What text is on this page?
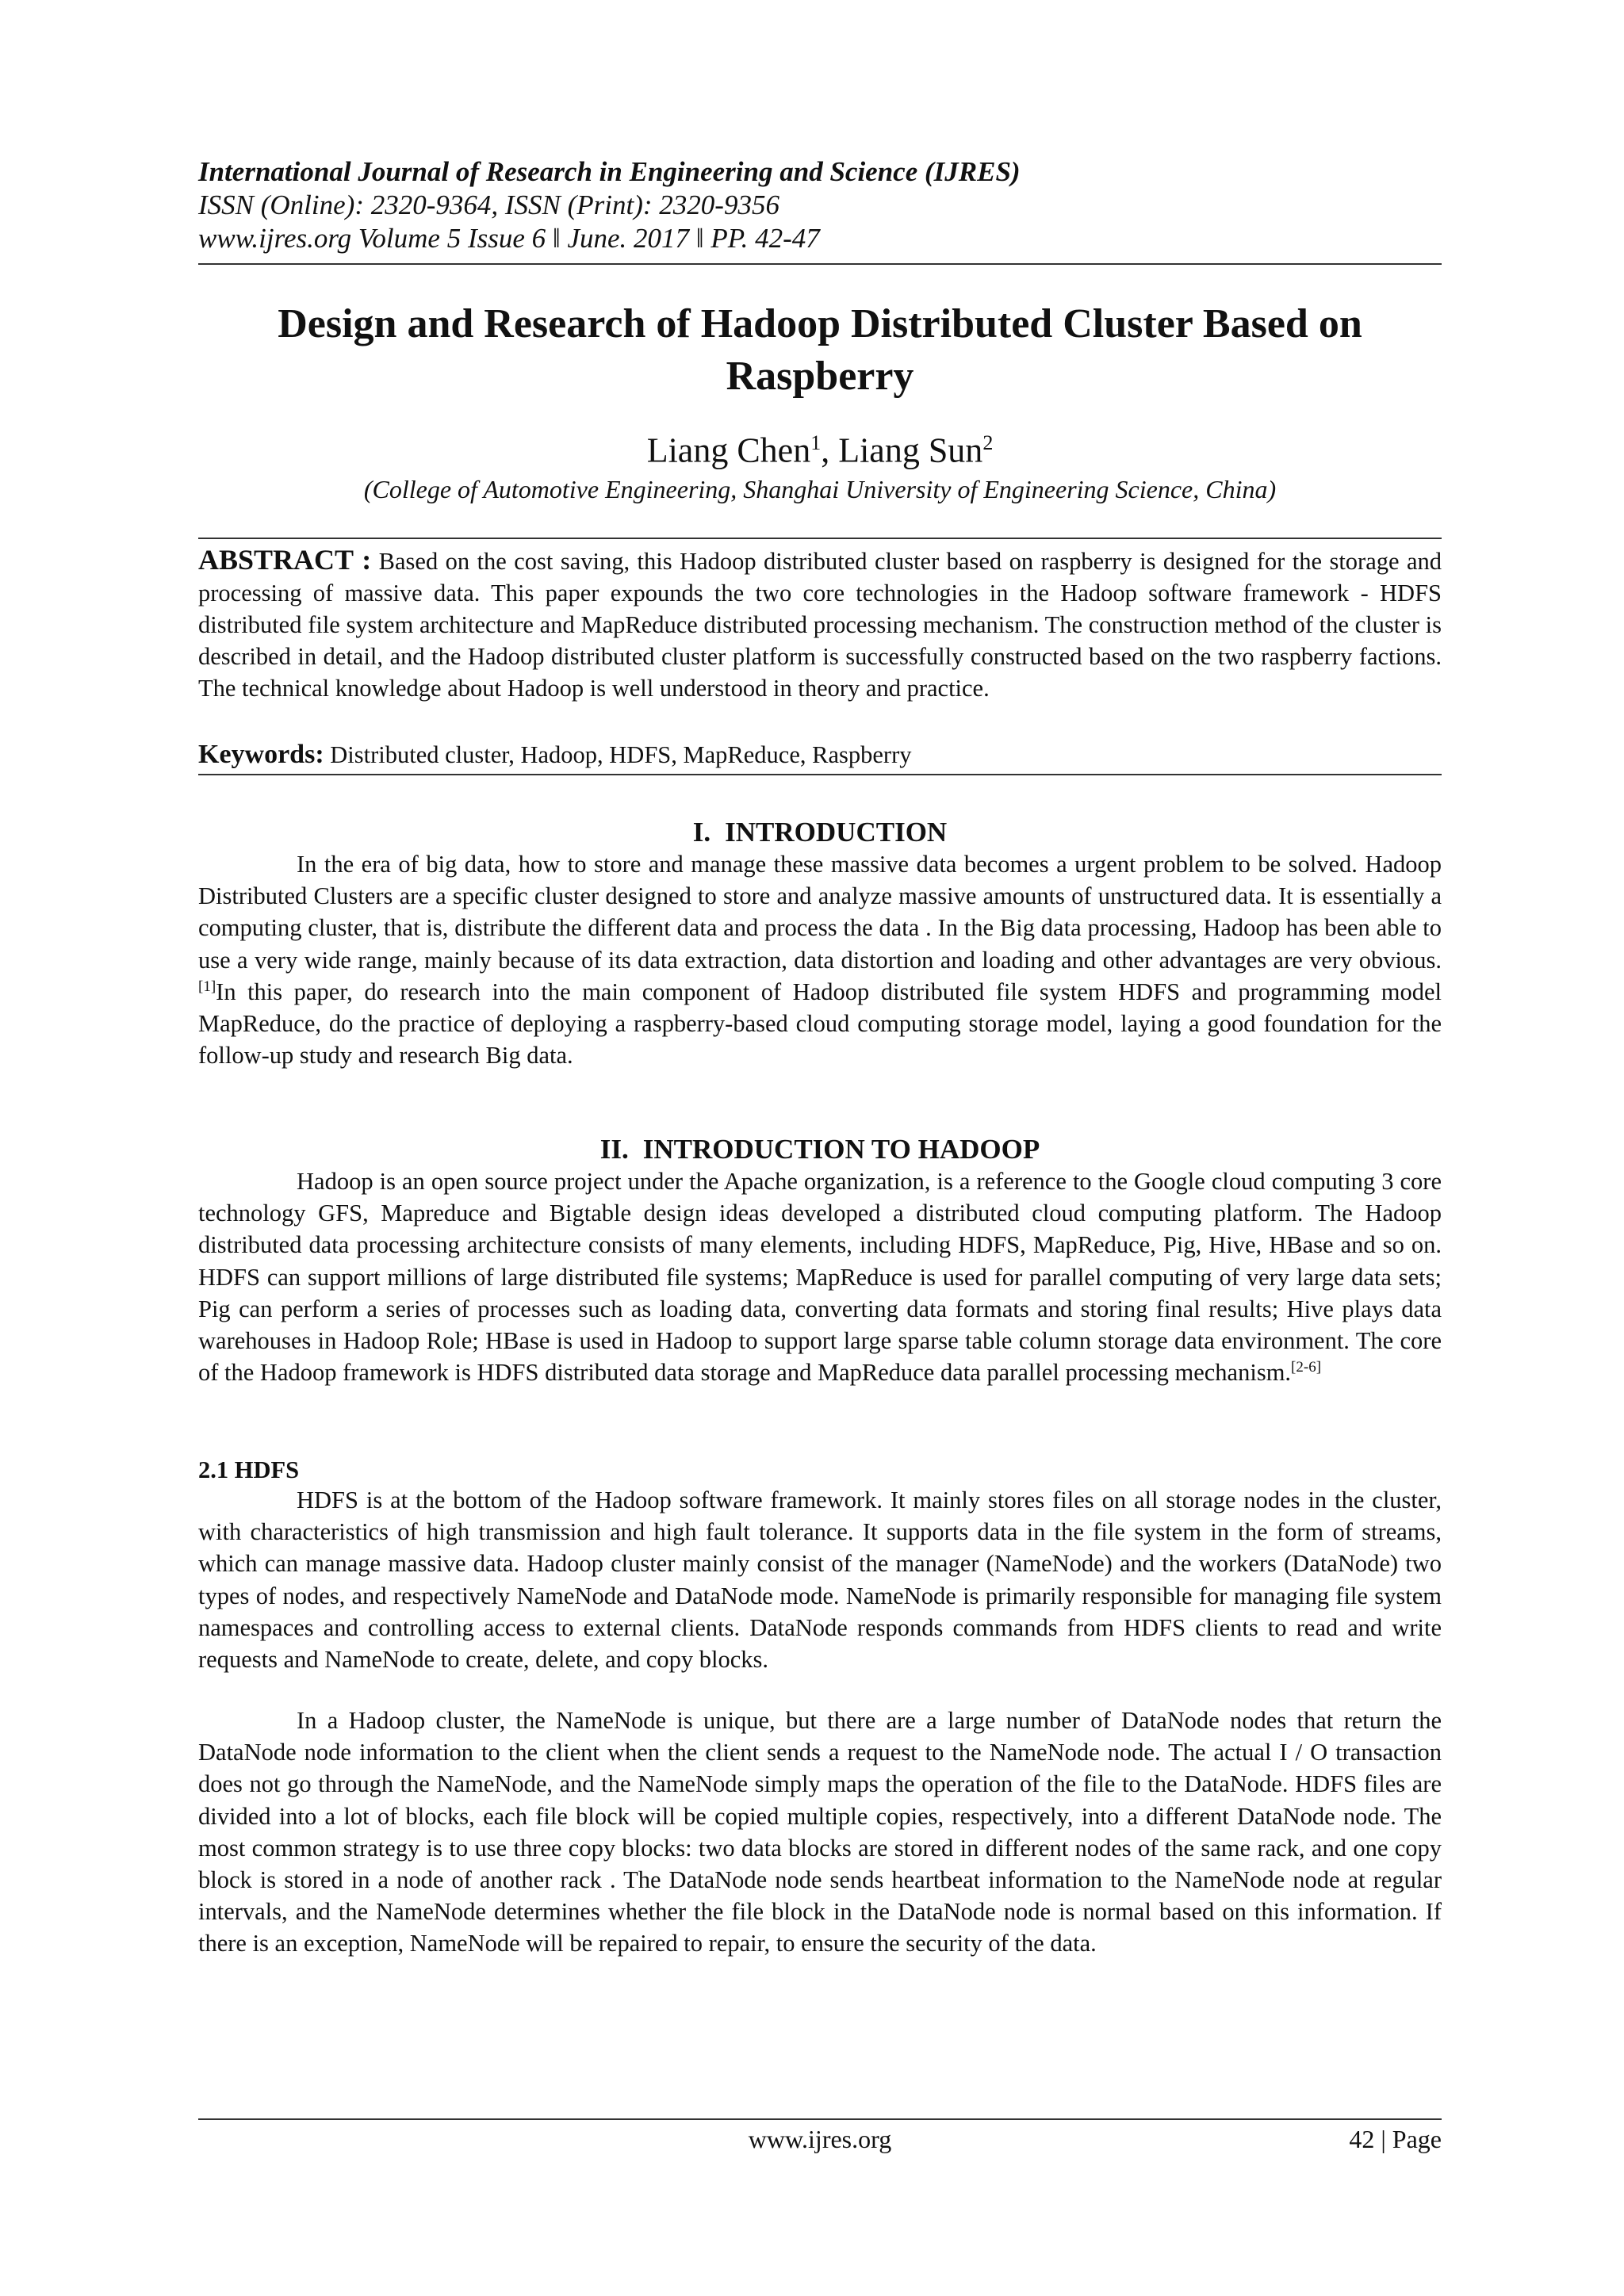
International Journal of Research in Engineering and Science (IJRES)
ISSN (Online): 2320-9364, ISSN (Print): 2320-9356
www.ijres.org Volume 5 Issue 6 ǁ June. 2017 ǁ PP. 42-47
Design and Research of Hadoop Distributed Cluster Based on Raspberry
Liang Chen$^1$, Liang Sun$^2$
(College of Automotive Engineering, Shanghai University of Engineering Science, China)
ABSTRACT : Based on the cost saving, this Hadoop distributed cluster based on raspberry is designed for the storage and processing of massive data. This paper expounds the two core technologies in the Hadoop software framework - HDFS distributed file system architecture and MapReduce distributed processing mechanism. The construction method of the cluster is described in detail, and the Hadoop distributed cluster platform is successfully constructed based on the two raspberry factions. The technical knowledge about Hadoop is well understood in theory and practice.
Keywords: Distributed cluster, Hadoop, HDFS, MapReduce, Raspberry
I. INTRODUCTION

In the era of big data, how to store and manage these massive data becomes a urgent problem to be solved. Hadoop Distributed Clusters are a specific cluster designed to store and analyze massive amounts of unstructured data. It is essentially a computing cluster, that is, distribute the different data and process the data . In the Big data processing, Hadoop has been able to use a very wide range, mainly because of its data extraction, data distortion and loading and other advantages are very obvious. [1]In this paper, do research into the main component of Hadoop distributed file system HDFS and programming model MapReduce, do the practice of deploying a raspberry-based cloud computing storage model, laying a good foundation for the follow-up study and research Big data.

II. INTRODUCTION TO HADOOP

Hadoop is an open source project under the Apache organization, is a reference to the Google cloud computing 3 core technology GFS, Mapreduce and Bigtable design ideas developed a distributed cloud computing platform. The Hadoop distributed data processing architecture consists of many elements, including HDFS, MapReduce, Pig, Hive, HBase and so on. HDFS can support millions of large distributed file systems; MapReduce is used for parallel computing of very large data sets; Pig can perform a series of processes such as loading data, converting data formats and storing final results; Hive plays data warehouses in Hadoop Role; HBase is used in Hadoop to support large sparse table column storage data environment. The core of the Hadoop framework is HDFS distributed data storage and MapReduce data parallel processing mechanism.[2-6]

2.1 HDFS

HDFS is at the bottom of the Hadoop software framework. It mainly stores files on all storage nodes in the cluster, with characteristics of high transmission and high fault tolerance. It supports data in the file system in the form of streams, which can manage massive data. Hadoop cluster mainly consist of the manager (NameNode) and the workers (DataNode) two types of nodes, and respectively NameNode and DataNode mode. NameNode is primarily responsible for managing file system namespaces and controlling access to external clients. DataNode responds commands from HDFS clients to read and write requests and NameNode to create, delete, and copy blocks.

In a Hadoop cluster, the NameNode is unique, but there are a large number of DataNode nodes that return the DataNode node information to the client when the client sends a request to the NameNode node. The actual I / O transaction does not go through the NameNode, and the NameNode simply maps the operation of the file to the DataNode. HDFS files are divided into a lot of blocks, each file block will be copied multiple copies, respectively, into a different DataNode node. The most common strategy is to use three copy blocks: two data blocks are stored in different nodes of the same rack, and one copy block is stored in a node of another rack . The DataNode node sends heartbeat information to the NameNode node at regular intervals, and the NameNode determines whether the file block in the DataNode node is normal based on this information. If there is an exception, NameNode will be repaired to repair, to ensure the security of the data.

www.ijres.org	42 | Page
